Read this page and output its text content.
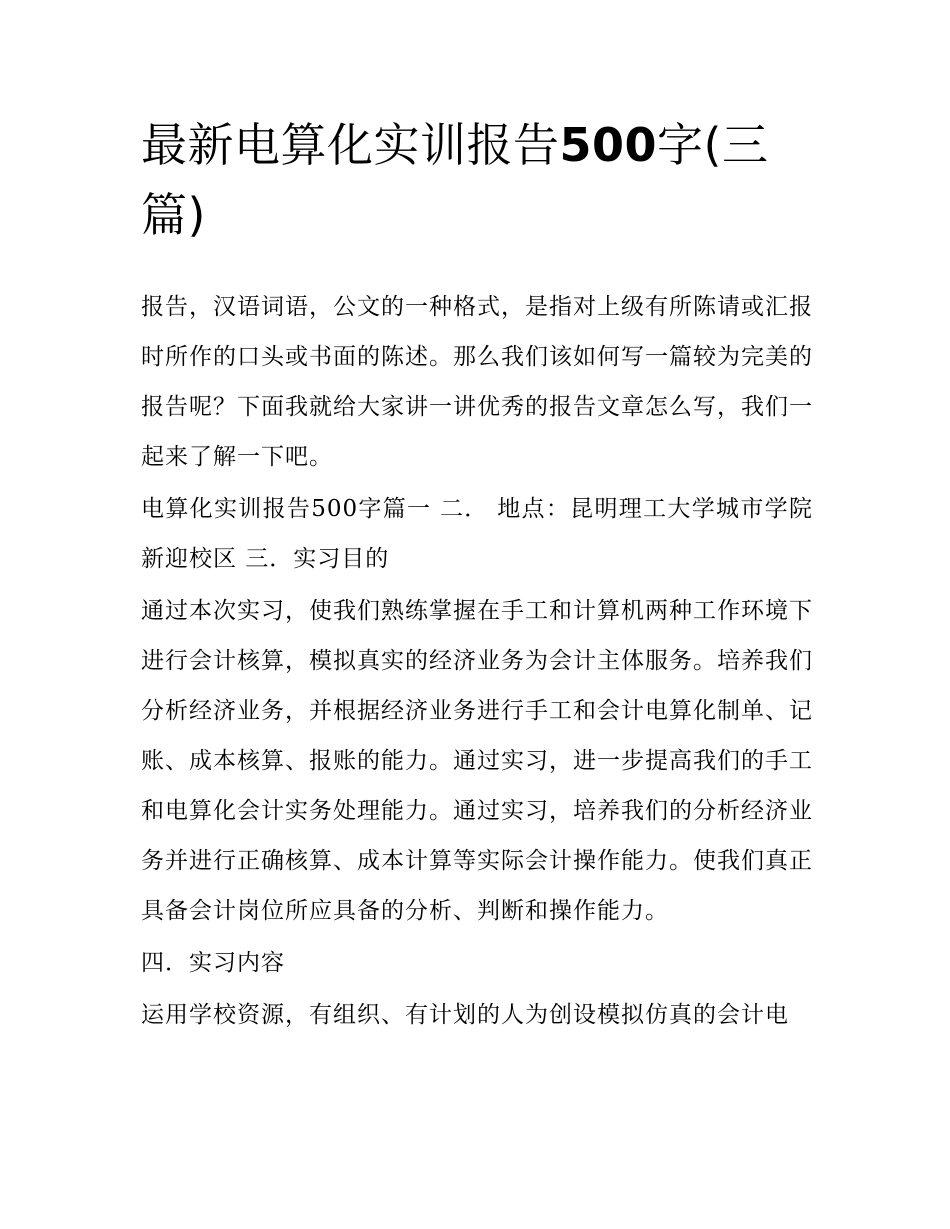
最新电算化实训报告500字(三篇)

报告，汉语词语，公文的一种格式，是指对上级有所陈请或汇报时所作的口头或书面的陈述。那么我们该如何写一篇较为完美的报告呢？下面我就给大家讲一讲优秀的报告文章怎么写，我们一起来了解一下吧。

电算化实训报告500字篇一 二． 地点：昆明理工大学城市学院新迎校区 三．实习目的

通过本次实习，使我们熟练掌握在手工和计算机两种工作环境下进行会计核算，模拟真实的经济业务为会计主体服务。培养我们分析经济业务，并根据经济业务进行手工和会计电算化制单、记账、成本核算、报账的能力。通过实习，进一步提高我们的手工和电算化会计实务处理能力。通过实习，培养我们的分析经济业务并进行正确核算、成本计算等实际会计操作能力。使我们真正具备会计岗位所应具备的分析、判断和操作能力。

四．实习内容

运用学校资源，有组织、有计划的人为创设模拟仿真的会计电
